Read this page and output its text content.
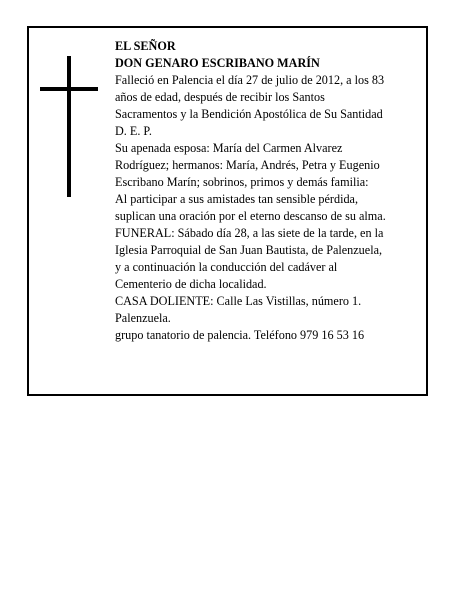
EL SEÑOR
DON GENARO ESCRIBANO MARÍN
Falleció en Palencia el día 27 de julio de 2012, a los 83
años de edad, después de recibir los Santos
Sacramentos y la Bendición Apostólica de Su Santidad
D. E. P.
Su apenada esposa: María del Carmen Alvarez
Rodríguez; hermanos: María, Andrés, Petra y Eugenio
Escribano Marín; sobrinos, primos y demás familia:
Al participar a sus amistades tan sensible pérdida,
suplican una oración por el eterno descanso de su alma.
FUNERAL: Sábado día 28, a las siete de la tarde, en la
Iglesia Parroquial de San Juan Bautista, de Palenzuela,
y a continuación la conducción del cadáver al
Cementerio de dicha localidad.
CASA DOLIENTE: Calle Las Vistillas, número 1.
Palenzuela.
grupo tanatorio de palencia. Teléfono 979 16 53 16
